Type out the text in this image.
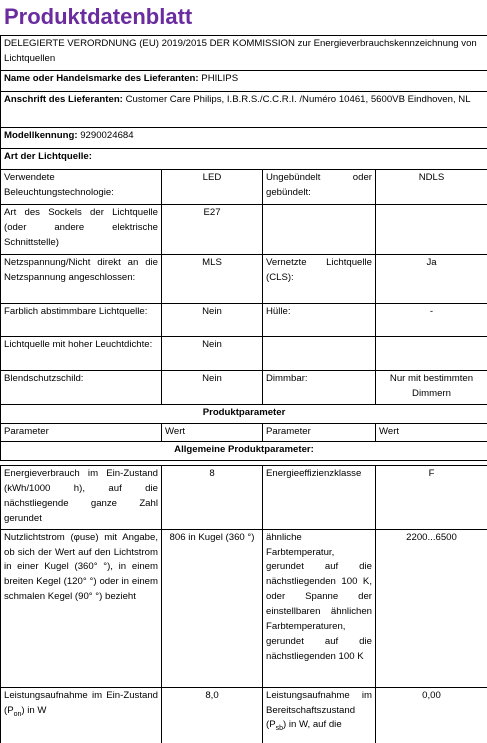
Produktdatenblatt
DELEGIERTE VERORDNUNG (EU) 2019/2015 DER KOMMISSION zur Energieverbrauchskennzeichnung von Lichtquellen			
Name oder Handelsmarke des Lieferanten: PHILIPS			
Anschrift des Lieferanten: Customer Care Philips, I.B.R.S./C.C.R.I. /Numéro 10461, 5600VB Eindhoven, NL			
Modellkennung: 9290024684			
Art der Lichtquelle:			
Verwendete Beleuchtungstechnologie:	LED	Ungebündelt oder gebündelt:	NDLS
Art des Sockels der Lichtquelle (oder andere elektrische Schnittstelle)	E27		
Netzspannung/Nicht direkt an die Netzspannung angeschlossen:	MLS	Vernetzte Lichtquelle (CLS):	Ja
Farblich abstimmbare Lichtquelle:	Nein	Hülle:	-
Lichtquelle mit hoher Leuchtdichte:	Nein		
Blendschutzschild:	Nein	Dimmbar:	Nur mit bestimmten Dimmern
Produktparameter			
Parameter	Wert	Parameter	Wert
Allgemeine Produktparameter:			

Energieverbrauch im Ein-Zustand (kWh/1000 h), auf die nächstliegende ganze Zahl gerundet	8	Energieeffizienzklasse	F
Nutzlichtstrom (φuse) mit Angabe, ob sich der Wert auf den Lichtstrom in einer Kugel (360° °), in einem breiten Kegel (120° °) oder in einem schmalen Kegel (90° °) bezieht	806 in Kugel (360 °)	ähnliche Farbtemperatur, gerundet auf die nächstliegenden 100 K, oder Spanne der einstellbaren ähnlichen Farbtemperaturen, gerundet auf die nächstliegenden 100 K	2200...6500
Leistungsaufnahme im Ein-Zustand $(P_{on})$ in W	8,0	Leistungsaufnahme im Bereitschaftszustand $(P_{sb})$ in W, auf die	0,00
